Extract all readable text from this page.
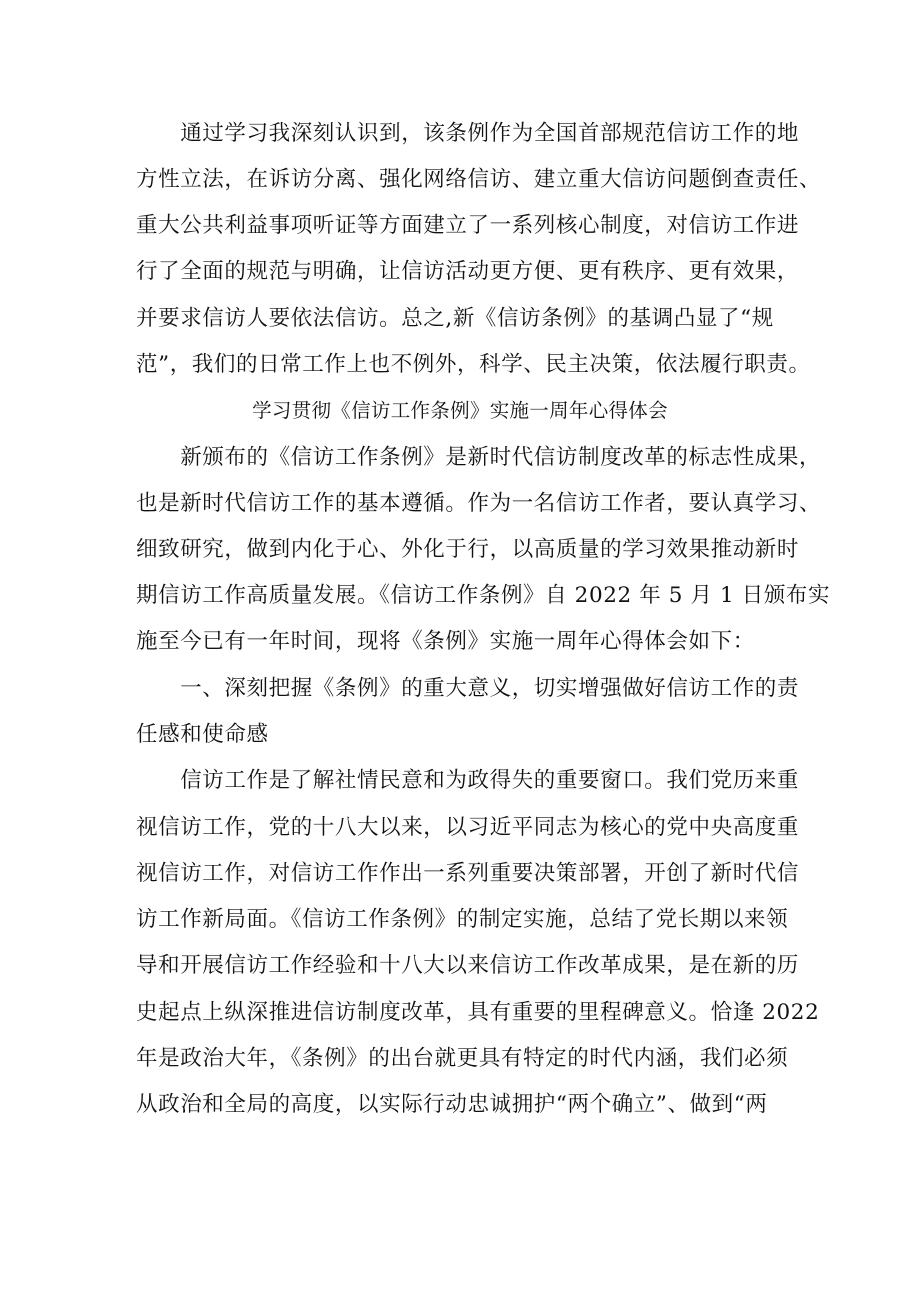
　　通过学习我深刻认识到，该条例作为全国首部规范信访工作的地
方性立法，在诉访分离、强化网络信访、建立重大信访问题倒查责任、
重大公共利益事项听证等方面建立了一系列核心制度，对信访工作进
行了全面的规范与明确，让信访活动更方便、更有秩序、更有效果，
并要求信访人要依法信访。总之,新《信访条例》的基调凸显了“规
范”，我们的日常工作上也不例外，科学、民主决策，依法履行职责。
学习贯彻《信访工作条例》实施一周年心得体会
　　新颁布的《信访工作条例》是新时代信访制度改革的标志性成果，
也是新时代信访工作的基本遵循。作为一名信访工作者，要认真学习、
细致研究，做到内化于心、外化于行，以高质量的学习效果推动新时
期信访工作高质量发展。《信访工作条例》自 2022 年 5 月 1 日颁布实
施至今已有一年时间，现将《条例》实施一周年心得体会如下：
　　一、深刻把握《条例》的重大意义，切实增强做好信访工作的责
任感和使命感
　　信访工作是了解社情民意和为政得失的重要窗口。我们党历来重
视信访工作，党的十八大以来，以习近平同志为核心的党中央高度重
视信访工作，对信访工作作出一系列重要决策部署，开创了新时代信
访工作新局面。《信访工作条例》的制定实施，总结了党长期以来领
导和开展信访工作经验和十八大以来信访工作改革成果，是在新的历
史起点上纵深推进信访制度改革，具有重要的里程碑意义。恰逢 2022
年是政治大年，《条例》的出台就更具有特定的时代内涵，我们必须
从政治和全局的高度，以实际行动忠诚拥护“两个确立”、做到“两
